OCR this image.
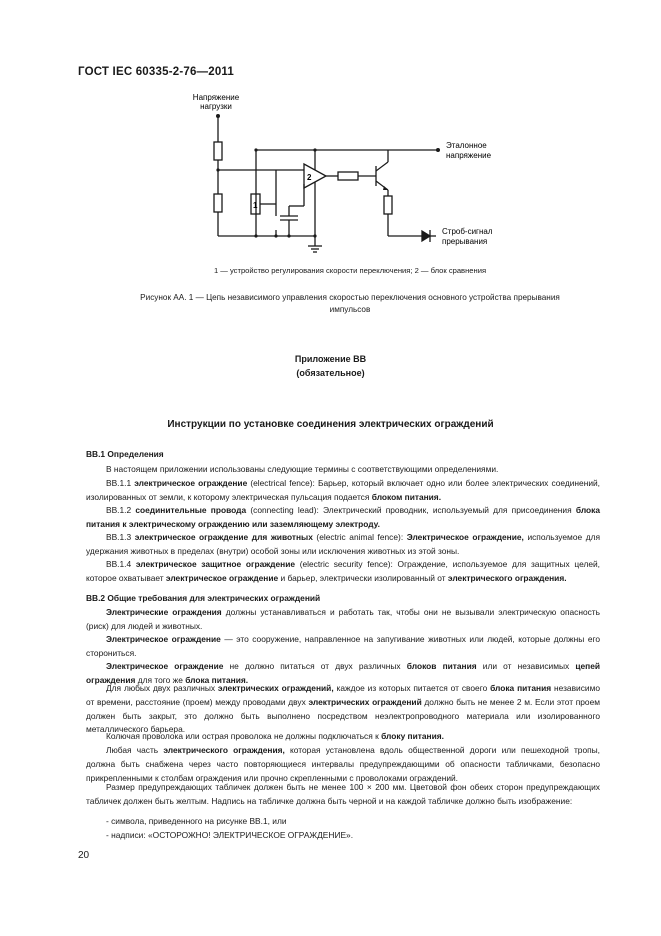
ГОСТ IEC 60335-2-76—2011
Напряжение
нагрузки
Эталонное
напряжение
Строб-сигнал
прерывания
1
2
1 — устройство регулирования скорости переключения; 2 — блок сравнения
Рисунок АА. 1 — Цепь независимого управления скоростью переключения основного устройства прерывания
импульсов
Приложение ВВ
(обязательное)
Инструкции по установке соединения электрических ограждений
ВВ.1 Определения
В настоящем приложении использованы следующие термины с соответствующими определениями.
ВВ.1.1 электрическое ограждение (electrical fence): Барьер, который включает одно или более электрических соединений, изолированных от земли, к которому электрическая пульсация подается блоком питания.
ВВ.1.2 соединительные провода (connecting lead): Электрический проводник, используемый для присоединения блока питания к электрическому ограждению или заземляющему электроду.
ВВ.1.3 электрическое ограждение для животных (electric animal fence): Электрическое ограждение, используемое для удержания животных в пределах (внутри) особой зоны или исключения животных из этой зоны.
ВВ.1.4 электрическое защитное ограждение (electric security fence): Ограждение, используемое для защитных целей, которое охватывает электрическое ограждение и барьер, электрически изолированный от электрического ограждения.
ВВ.2 Общие требования для электрических ограждений
Электрические ограждения должны устанавливаться и работать так, чтобы они не вызывали электрическую опасность (риск) для людей и животных.
Электрическое ограждение — это сооружение, направленное на запугивание животных или людей, которые должны его сторониться.
Электрическое ограждение не должно питаться от двух различных блоков питания или от независимых цепей ограждения для того же блока питания.
Для любых двух различных электрических ограждений, каждое из которых питается от своего блока питания независимо от времени, расстояние (проем) между проводами двух электрических ограждений должно быть не менее 2 м. Если этот проем должен быть закрыт, это должно быть выполнено посредством неэлектропроводного материала или изолированного металлического барьера.
Колючая проволока или острая проволока не должны подключаться к блоку питания.
Любая часть электрического ограждения, которая установлена вдоль общественной дороги или пешеходной тропы, должна быть снабжена через часто повторяющиеся интервалы предупреждающими об опасности табличками, безопасно прикрепленными к столбам ограждения или прочно скрепленными с проволоками ограждений.
Размер предупреждающих табличек должен быть не менее 100 × 200 мм. Цветовой фон обеих сторон предупреждающих табличек должен быть желтым. Надпись на табличке должна быть черной и на каждой табличке должно быть изображение:
- символа, приведенного на рисунке ВВ.1, или
- надписи: «ОСТОРОЖНО! ЭЛЕКТРИЧЕСКОЕ ОГРАЖДЕНИЕ».
20
